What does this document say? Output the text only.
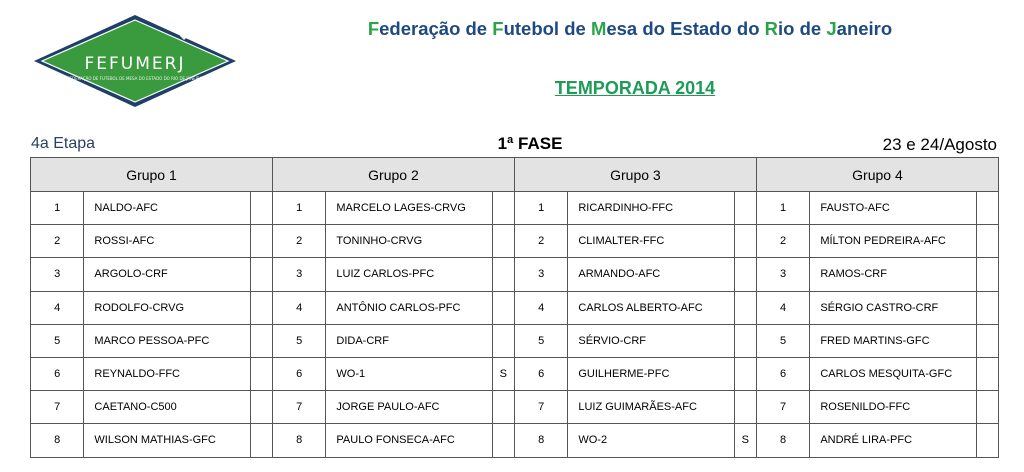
FEFUMERJ
FEDERAÇÃO DE FUTEBOL DE MESA DO ESTADO DO RIO DE JANEIRO
Federação de Futebol de Mesa do Estado do Rio de Janeiro
TEMPORADA 2014
4a Etapa	1ª FASE	23 e 24/Agosto
Grupo 1			Grupo 2			Grupo 3			Grupo 4		
1	NALDO-AFC		1	MARCELO LAGES-CRVG		1	RICARDINHO-FFC		1	FAUSTO-AFC	
2	ROSSI-AFC		2	TONINHO-CRVG		2	CLIMALTER-FFC		2	MÍLTON PEDREIRA-AFC	
3	ARGOLO-CRF		3	LUIZ CARLOS-PFC		3	ARMANDO-AFC		3	RAMOS-CRF	
4	RODOLFO-CRVG		4	ANTÔNIO CARLOS-PFC		4	CARLOS ALBERTO-AFC		4	SÉRGIO CASTRO-CRF	
5	MARCO PESSOA-PFC		5	DIDA-CRF		5	SÉRVIO-CRF		5	FRED MARTINS-GFC	
6	REYNALDO-FFC		6	WO-1	S	6	GUILHERME-PFC		6	CARLOS MESQUITA-GFC	
7	CAETANO-C500		7	JORGE PAULO-AFC		7	LUIZ GUIMARÃES-AFC		7	ROSENILDO-FFC	
8	WILSON MATHIAS-GFC		8	PAULO FONSECA-AFC		8	WO-2	S	8	ANDRÉ LIRA-PFC	
